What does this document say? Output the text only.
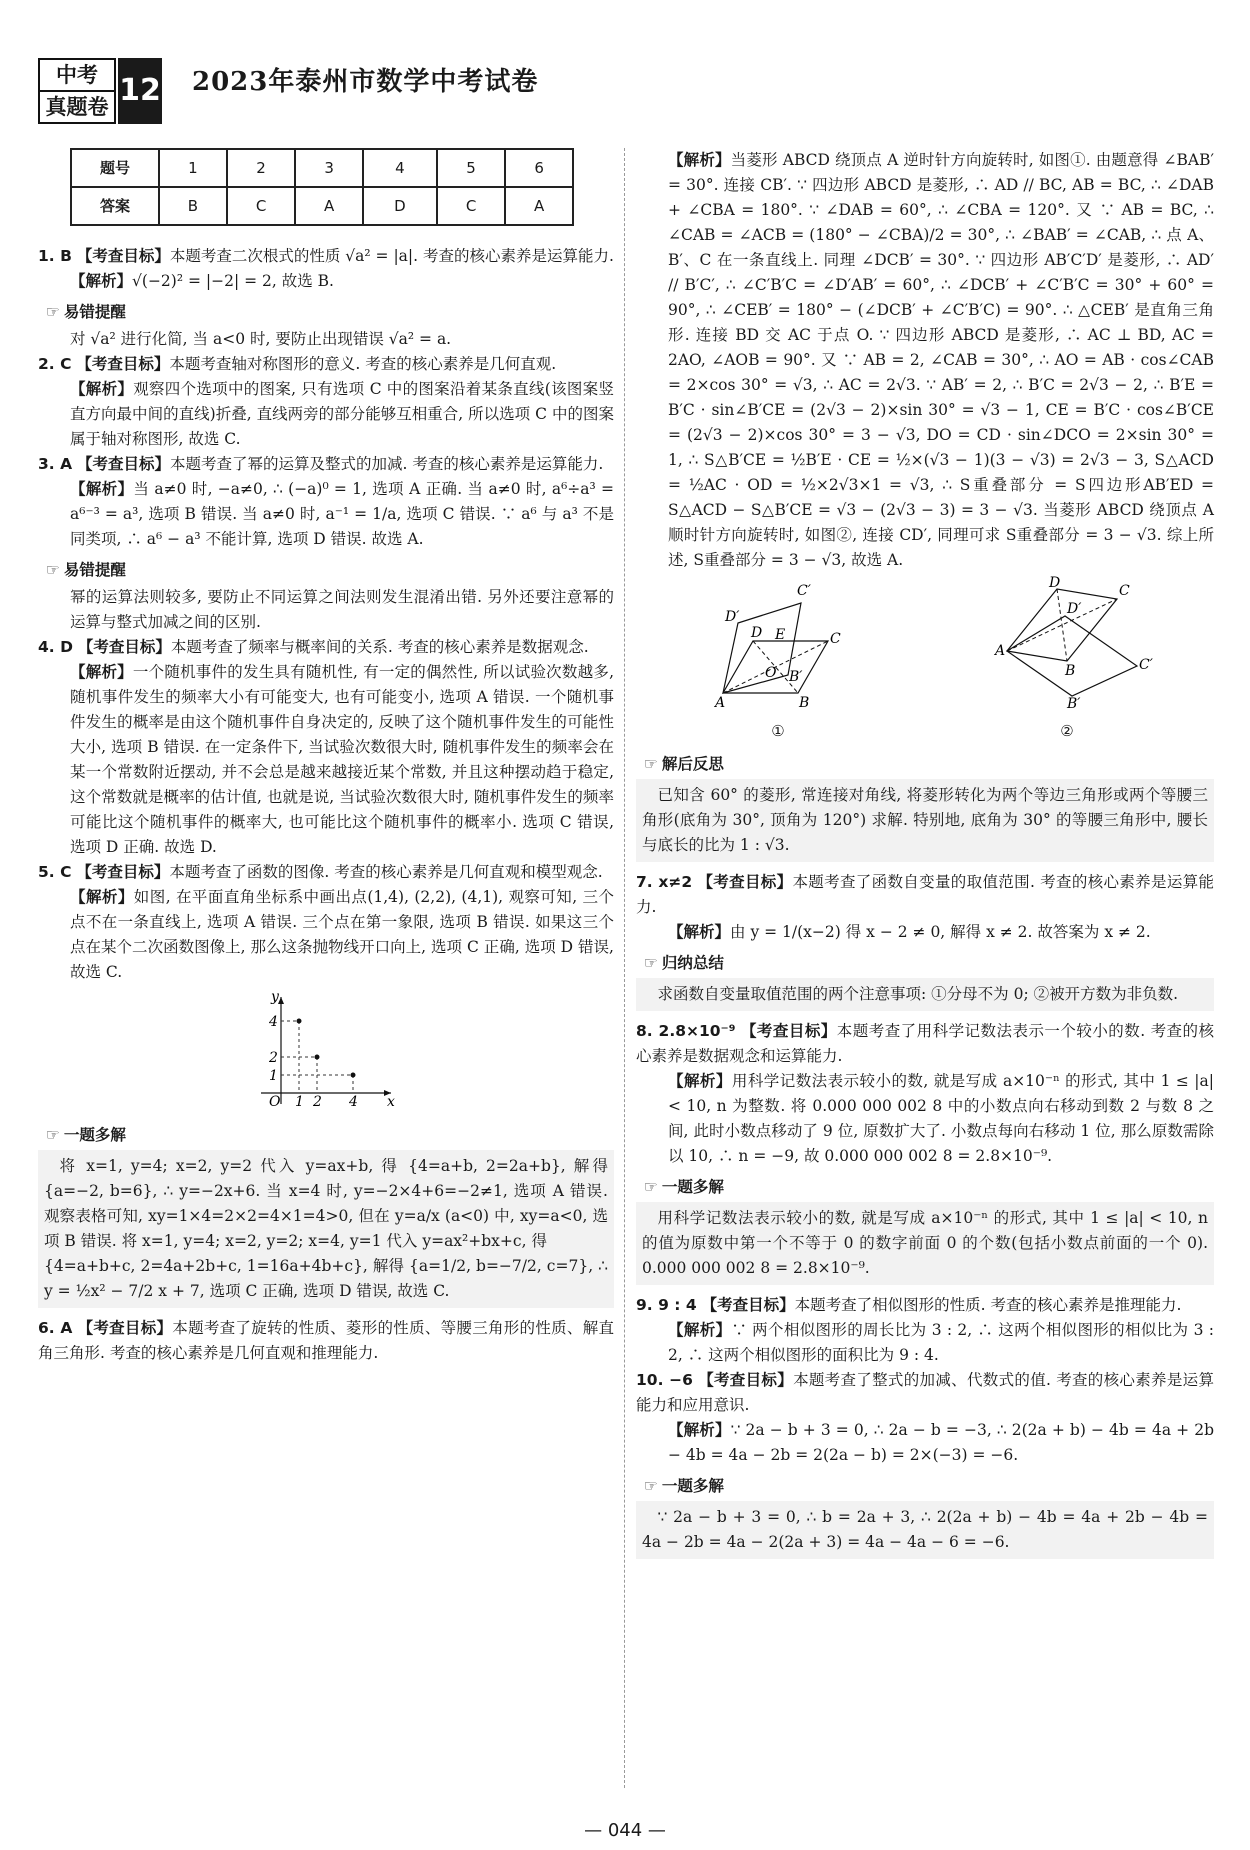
中考
真题卷 12 2023年泰州市数学中考试卷
题号	1	2	3	4	5	6
答案	B	C	A	D	C	A

1. B 【考查目标】本题考查二次根式的性质 √a² = |a|. 考查的核心素养是运算能力.

【解析】√(−2)² = |−2| = 2, 故选 B.

☞ 易错提醒

对 √a² 进行化简, 当 a<0 时, 要防止出现错误 √a² = a.

2. C 【考查目标】本题考查轴对称图形的意义. 考查的核心素养是几何直观.

【解析】观察四个选项中的图案, 只有选项 C 中的图案沿着某条直线(该图案竖直方向最中间的直线)折叠, 直线两旁的部分能够互相重合, 所以选项 C 中的图案属于轴对称图形, 故选 C.

3. A 【考查目标】本题考查了幂的运算及整式的加减. 考查的核心素养是运算能力.

【解析】当 a≠0 时, −a≠0, ∴ (−a)⁰ = 1, 选项 A 正确. 当 a≠0 时, a⁶÷a³ = a⁶⁻³ = a³, 选项 B 错误. 当 a≠0 时, a⁻¹ = 1/a, 选项 C 错误. ∵ a⁶ 与 a³ 不是同类项, ∴ a⁶ − a³ 不能计算, 选项 D 错误. 故选 A.

☞ 易错提醒

幂的运算法则较多, 要防止不同运算之间法则发生混淆出错. 另外还要注意幂的运算与整式加减之间的区别.

4. D 【考查目标】本题考查了频率与概率间的关系. 考查的核心素养是数据观念.

【解析】一个随机事件的发生具有随机性, 有一定的偶然性, 所以试验次数越多, 随机事件发生的频率大小有可能变大, 也有可能变小, 选项 A 错误. 一个随机事件发生的概率是由这个随机事件自身决定的, 反映了这个随机事件发生的可能性大小, 选项 B 错误. 在一定条件下, 当试验次数很大时, 随机事件发生的频率会在某一个常数附近摆动, 并不会总是越来越接近某个常数, 并且这种摆动趋于稳定, 这个常数就是概率的估计值, 也就是说, 当试验次数很大时, 随机事件发生的频率可能比这个随机事件的概率大, 也可能比这个随机事件的概率小. 选项 C 错误, 选项 D 正确. 故选 D.

5. C 【考查目标】本题考查了函数的图像. 考查的核心素养是几何直观和模型观念.

【解析】如图, 在平面直角坐标系中画出点(1,4), (2,2), (4,1), 观察可知, 三个点不在一条直线上, 选项 A 错误. 三个点在第一象限, 选项 B 错误. 如果这三个点在某个二次函数图像上, 那么这条抛物线开口向上, 选项 C 正确, 选项 D 错误, 故选 C.

O 1 2 4 x
y
4
2
1
☞ 一题多解

将 x=1, y=4; x=2, y=2 代入 y=ax+b, 得 {4=a+b, 2=2a+b}, 解得 {a=−2, b=6}, ∴ y=−2x+6. 当 x=4 时, y=−2×4+6=−2≠1, 选项 A 错误. 观察表格可知, xy=1×4=2×2=4×1=4>0, 但在 y=a/x (a<0) 中, xy=a<0, 选项 B 错误. 将 x=1, y=4; x=2, y=2; x=4, y=1 代入 y=ax²+bx+c, 得

{4=a+b+c, 2=4a+2b+c, 1=16a+4b+c}, 解得 {a=1/2, b=−7/2, c=7}, ∴ y = ½x² − 7/2 x + 7, 选项 C 正确, 选项 D 错误, 故选 C.

6. A 【考查目标】本题考查了旋转的性质、菱形的性质、等腰三角形的性质、解直角三角形. 考查的核心素养是几何直观和推理能力.

【解析】当菱形 ABCD 绕顶点 A 逆时针方向旋转时, 如图①. 由题意得 ∠BAB′ = 30°. 连接 CB′. ∵ 四边形 ABCD 是菱形, ∴ AD // BC, AB = BC, ∴ ∠DAB + ∠CBA = 180°. ∵ ∠DAB = 60°, ∴ ∠CBA = 120°. 又 ∵ AB = BC, ∴ ∠CAB = ∠ACB = (180° − ∠CBA)/2 = 30°, ∴ ∠BAB′ = ∠CAB, ∴ 点 A、B′、C 在一条直线上. 同理 ∠DCB′ = 30°. ∵ 四边形 AB′C′D′ 是菱形, ∴ AD′ // B′C′, ∴ ∠C′B′C = ∠D′AB′ = 60°, ∴ ∠DCB′ + ∠C′B′C = 30° + 60° = 90°, ∴ ∠CEB′ = 180° − (∠DCB′ + ∠C′B′C) = 90°. ∴ △CEB′ 是直角三角形. 连接 BD 交 AC 于点 O. ∵ 四边形 ABCD 是菱形, ∴ AC ⊥ BD, AC = 2AO, ∠AOB = 90°. 又 ∵ AB = 2, ∠CAB = 30°, ∴ AO = AB · cos∠CAB = 2×cos 30° = √3, ∴ AC = 2√3. ∵ AB′ = 2, ∴ B′C = 2√3 − 2, ∴ B′E = B′C · sin∠B′CE = (2√3 − 2)×sin 30° = √3 − 1, CE = B′C · cos∠B′CE = (2√3 − 2)×cos 30° = 3 − √3, DO = CD · sin∠DCO = 2×sin 30° = 1, ∴ S△B′CE = ½B′E · CE = ½×(√3 − 1)(3 − √3) = 2√3 − 3, S△ACD = ½AC · OD = ½×2√3×1 = √3, ∴ S重叠部分 = S四边形AB′ED = S△ACD − S△B′CE = √3 − (2√3 − 3) = 3 − √3. 当菱形 ABCD 绕顶点 A 顺时针方向旋转时, 如图②, 连接 CD′, 同理可求 S重叠部分 = 3 − √3. 综上所述, S重叠部分 = 3 − √3, 故选 A.

A	B
C
D
C′
D′
B′
E
O
①
A
B
C
D
C′
D′
B′
②
☞ 解后反思

已知含 60° 的菱形, 常连接对角线, 将菱形转化为两个等边三角形或两个等腰三角形(底角为 30°, 顶角为 120°) 求解. 特别地, 底角为 30° 的等腰三角形中, 腰长与底长的比为 1 : √3.

7. x≠2 【考查目标】本题考查了函数自变量的取值范围. 考查的核心素养是运算能力.

【解析】由 y = 1/(x−2) 得 x − 2 ≠ 0, 解得 x ≠ 2. 故答案为 x ≠ 2.

☞ 归纳总结

求函数自变量取值范围的两个注意事项: ①分母不为 0; ②被开方数为非负数.

8. 2.8×10⁻⁹ 【考查目标】本题考查了用科学记数法表示一个较小的数. 考查的核心素养是数据观念和运算能力.

【解析】用科学记数法表示较小的数, 就是写成 a×10⁻ⁿ 的形式, 其中 1 ≤ |a| < 10, n 为整数. 将 0.000 000 002 8 中的小数点向右移动到数 2 与数 8 之间, 此时小数点移动了 9 位, 原数扩大了. 小数点每向右移动 1 位, 那么原数需除以 10, ∴ n = −9, 故 0.000 000 002 8 = 2.8×10⁻⁹.

☞ 一题多解

用科学记数法表示较小的数, 就是写成 a×10⁻ⁿ 的形式, 其中 1 ≤ |a| < 10, n 的值为原数中第一个不等于 0 的数字前面 0 的个数(包括小数点前面的一个 0). 0.000 000 002 8 = 2.8×10⁻⁹.

9. 9 : 4 【考查目标】本题考查了相似图形的性质. 考查的核心素养是推理能力.

【解析】∵ 两个相似图形的周长比为 3 : 2, ∴ 这两个相似图形的相似比为 3 : 2, ∴ 这两个相似图形的面积比为 9 : 4.

10. −6 【考查目标】本题考查了整式的加减、代数式的值. 考查的核心素养是运算能力和应用意识.

【解析】∵ 2a − b + 3 = 0, ∴ 2a − b = −3, ∴ 2(2a + b) − 4b = 4a + 2b − 4b = 4a − 2b = 2(2a − b) = 2×(−3) = −6.

☞ 一题多解

∵ 2a − b + 3 = 0, ∴ b = 2a + 3, ∴ 2(2a + b) − 4b = 4a + 2b − 4b = 4a − 2b = 4a − 2(2a + 3) = 4a − 4a − 6 = −6.

— 044 —
